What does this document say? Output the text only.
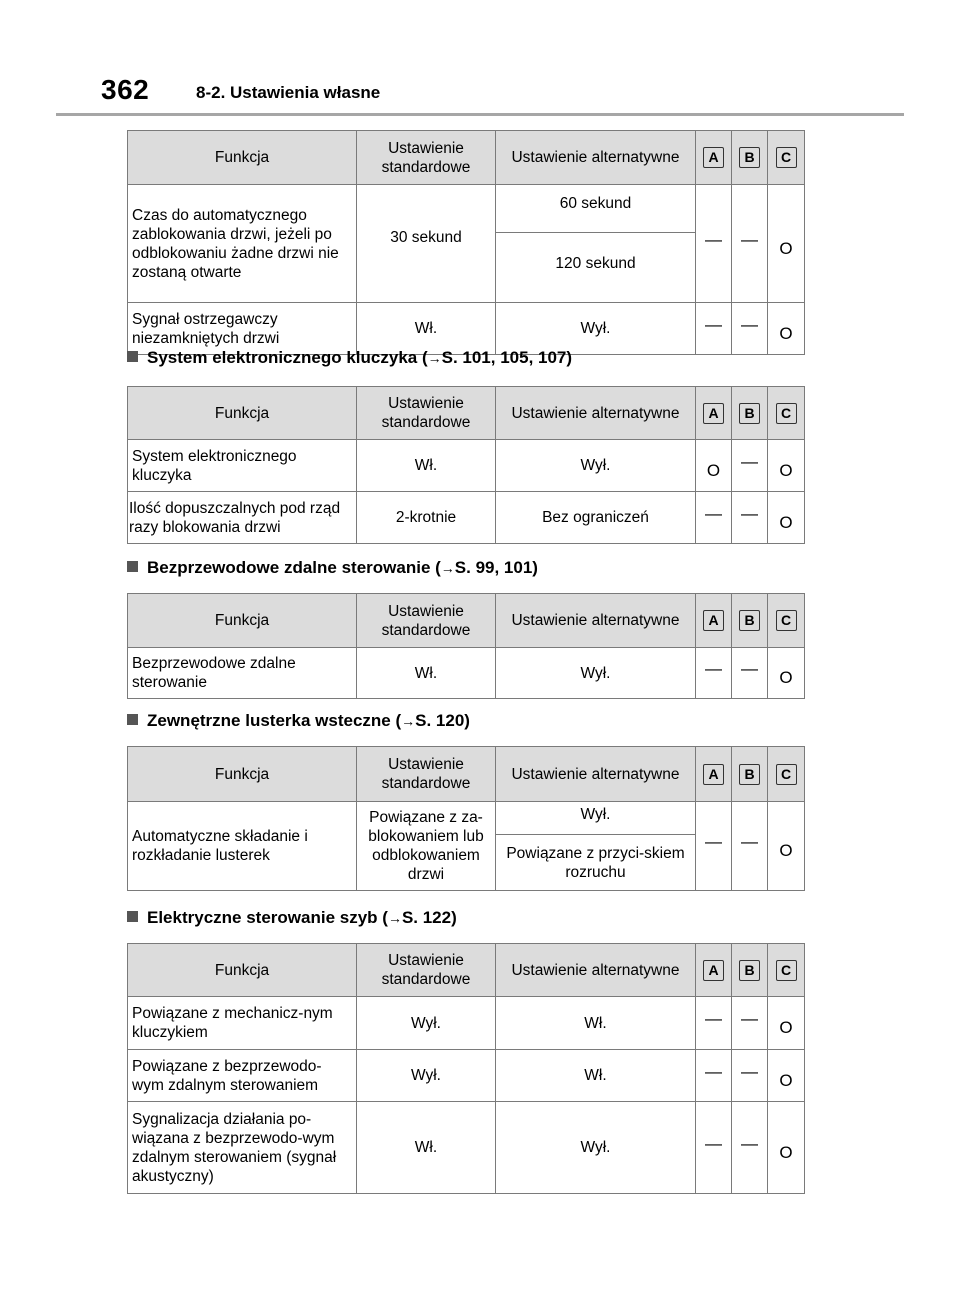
362	8-2. Ustawienia własne
Funkcja	Ustawienie standardowe	Ustawienie alternatywne	A	B	C
Czas do automatycznego zablokowania drzwi, jeżeli po odblokowaniu żadne drzwi nie zostaną otwarte	30 sekund	60 sekund	—	—	O
		120 sekund			
Sygnał ostrzegawczy niezamkniętych drzwi	Wł.	Wył.	—	—	O
System elektronicznego kluczyka (→S. 101, 105, 107)
Funkcja	Ustawienie standardowe	Ustawienie alternatywne	A	B	C
System elektronicznego kluczyka	Wł.	Wył.	O	—	O
Ilość dopuszczalnych pod rząd razy blokowania drzwi	2-krotnie	Bez ograniczeń	—	—	O
Bezprzewodowe zdalne sterowanie (→S. 99, 101)
Funkcja	Ustawienie standardowe	Ustawienie alternatywne	A	B	C
Bezprzewodowe zdalne sterowanie	Wł.	Wył.	—	—	O
Zewnętrzne lusterka wsteczne (→S. 120)
Funkcja	Ustawienie standardowe	Ustawienie alternatywne	A	B	C
Automatyczne składanie i rozkładanie lusterek	Powiązane z za-blokowaniem lub odblokowaniem drzwi	Wył.	—	—	O
		Powiązane z przyci-skiem rozruchu			
Elektryczne sterowanie szyb (→S. 122)
Funkcja	Ustawienie standardowe	Ustawienie alternatywne	A	B	C
Powiązane z mechanicz-nym kluczykiem	Wył.	Wł.	—	—	O
Powiązane z bezprzewodo-wym zdalnym sterowaniem	Wył.	Wł.	—	—	O
Sygnalizacja działania po-wiązana z bezprzewodo-wym zdalnym sterowaniem (sygnał akustyczny)	Wł.	Wył.	—	—	O
